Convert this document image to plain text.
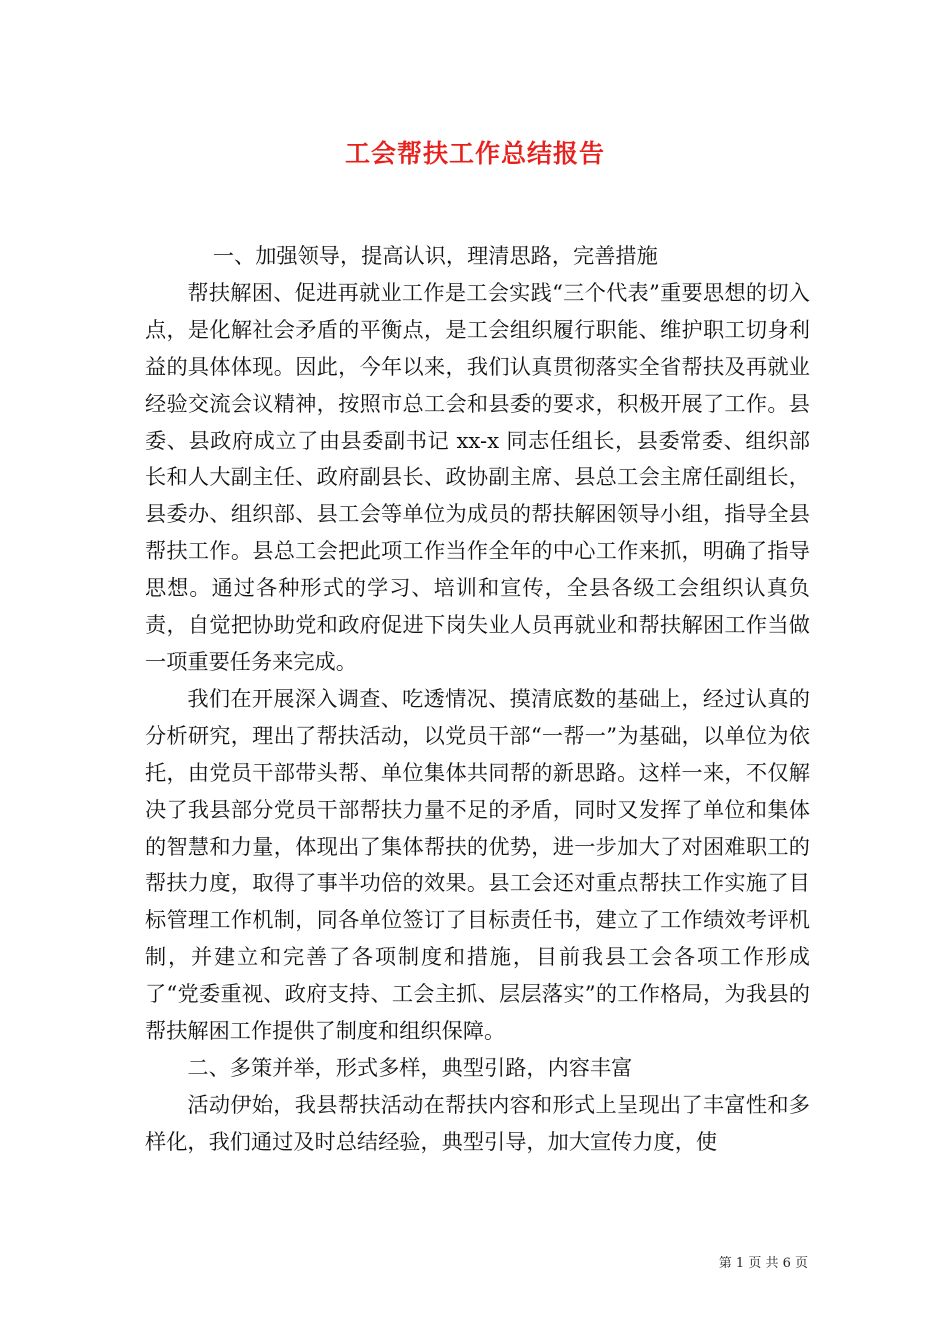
工会帮扶工作总结报告

一、加强领导，提高认识，理清思路，完善措施

帮扶解困、促进再就业工作是工会实践“三个代表”重要思想的切入点，是化解社会矛盾的平衡点，是工会组织履行职能、维护职工切身利益的具体体现。因此，今年以来，我们认真贯彻落实全省帮扶及再就业经验交流会议精神，按照市总工会和县委的要求，积极开展了工作。县委、县政府成立了由县委副书记 xx-x 同志任组长，县委常委、组织部长和人大副主任、政府副县长、政协副主席、县总工会主席任副组长，县委办、组织部、县工会等单位为成员的帮扶解困领导小组，指导全县帮扶工作。县总工会把此项工作当作全年的中心工作来抓，明确了指导思想。通过各种形式的学习、培训和宣传，全县各级工会组织认真负责，自觉把协助党和政府促进下岗失业人员再就业和帮扶解困工作当做一项重要任务来完成。

我们在开展深入调查、吃透情况、摸清底数的基础上，经过认真的分析研究，理出了帮扶活动，以党员干部“一帮一”为基础，以单位为依托，由党员干部带头帮、单位集体共同帮的新思路。这样一来，不仅解决了我县部分党员干部帮扶力量不足的矛盾，同时又发挥了单位和集体的智慧和力量，体现出了集体帮扶的优势，进一步加大了对困难职工的帮扶力度，取得了事半功倍的效果。县工会还对重点帮扶工作实施了目标管理工作机制，同各单位签订了目标责任书，建立了工作绩效考评机制，并建立和完善了各项制度和措施，目前我县工会各项工作形成了“党委重视、政府支持、工会主抓、层层落实”的工作格局，为我县的帮扶解困工作提供了制度和组织保障。

二、多策并举，形式多样，典型引路，内容丰富

活动伊始，我县帮扶活动在帮扶内容和形式上呈现出了丰富性和多样化，我们通过及时总结经验，典型引导，加大宣传力度，使

第 1 页 共 6 页
